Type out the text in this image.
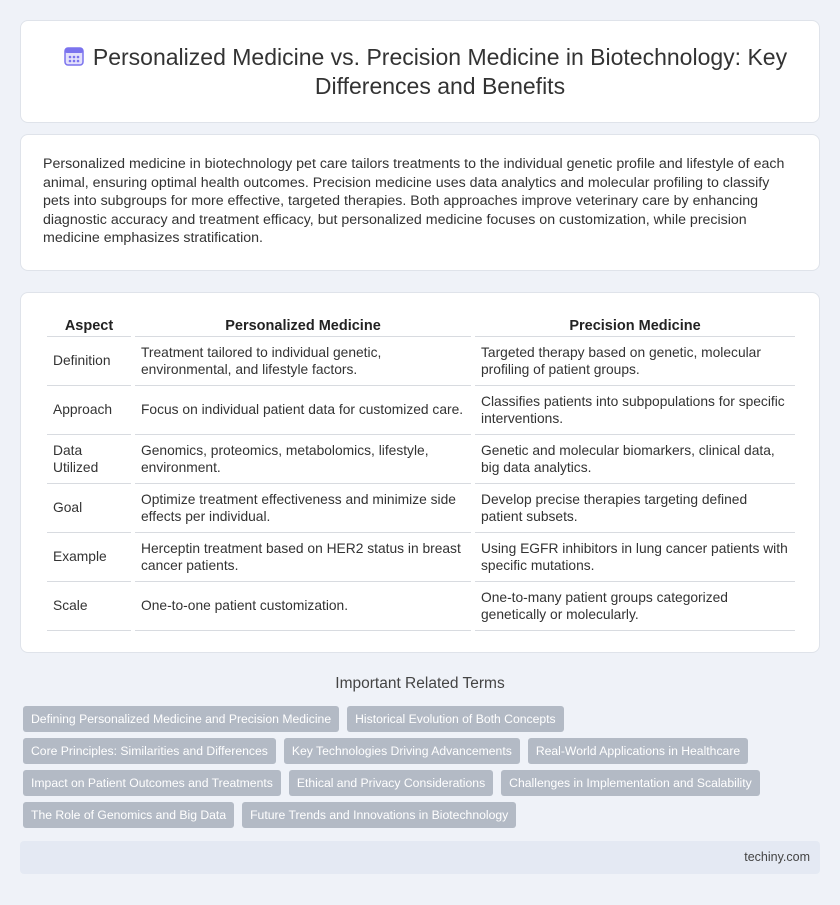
Personalized Medicine vs. Precision Medicine in Biotechnology: Key Differences and Benefits

Personalized medicine in biotechnology pet care tailors treatments to the individual genetic profile and lifestyle of each animal, ensuring optimal health outcomes. Precision medicine uses data analytics and molecular profiling to classify pets into subgroups for more effective, targeted therapies. Both approaches improve veterinary care by enhancing diagnostic accuracy and treatment efficacy, but personalized medicine focuses on customization, while precision medicine emphasizes stratification.

Aspect	Personalized Medicine	Precision Medicine
Definition	Treatment tailored to individual genetic, environmental, and lifestyle factors.	Targeted therapy based on genetic, molecular profiling of patient groups.
Approach	Focus on individual patient data for customized care.	Classifies patients into subpopulations for specific interventions.
Data Utilized	Genomics, proteomics, metabolomics, lifestyle, environment.	Genetic and molecular biomarkers, clinical data, big data analytics.
Goal	Optimize treatment effectiveness and minimize side effects per individual.	Develop precise therapies targeting defined patient subsets.
Example	Herceptin treatment based on HER2 status in breast cancer patients.	Using EGFR inhibitors in lung cancer patients with specific mutations.
Scale	One-to-one patient customization.	One-to-many patient groups categorized genetically or molecularly.
Important Related Terms
Defining Personalized Medicine and Precision Medicine	Historical Evolution of Both Concepts
Core Principles: Similarities and Differences	Key Technologies Driving Advancements	Real-World Applications in Healthcare
Impact on Patient Outcomes and Treatments	Ethical and Privacy Considerations	Challenges in Implementation and Scalability
The Role of Genomics and Big Data	Future Trends and Innovations in Biotechnology
techiny.com
